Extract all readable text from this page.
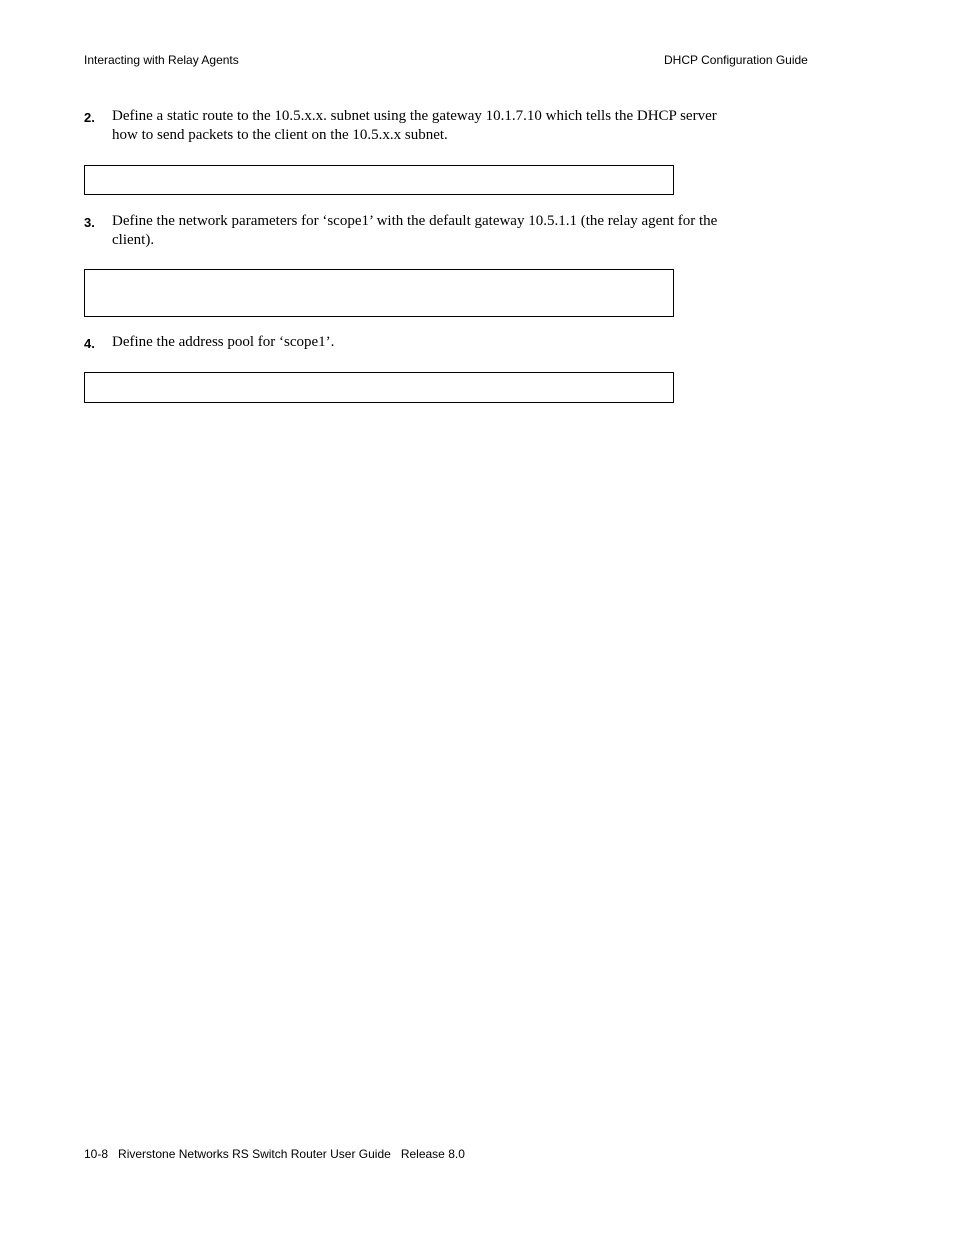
Interacting with Relay Agents	DHCP Configuration Guide
2. Define a static route to the 10.5.x.x. subnet using the gateway 10.1.7.10 which tells the DHCP server how to send packets to the client on the 10.5.x.x subnet.
3. Define the network parameters for ‘scope1’ with the default gateway 10.5.1.1 (the relay agent for the client).
4. Define the address pool for ‘scope1’.
10-8 Riverstone Networks RS Switch Router User Guide Release 8.0
